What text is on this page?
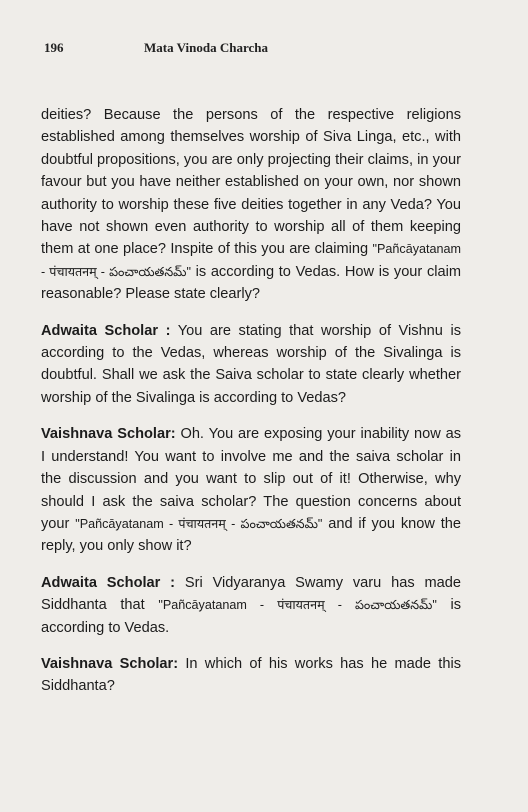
196	Mata Vinoda Charcha

deities? Because the persons of the respective religions established among themselves worship of Siva Linga, etc., with doubtful propositions, you are only projecting their claims, in your favour but you have neither established on your own, nor shown authority to worship these five deities together in any Veda? You have not shown even authority to worship all of them keeping them at one place? Inspite of this you are claiming "Pañcāyatanam - पंचायतनम् - పంచాయతనమ్" is according to Vedas. How is your claim reasonable? Please state clearly?

Adwaita Scholar : You are stating that worship of Vishnu is according to the Vedas, whereas worship of the Sivalinga is doubtful. Shall we ask the Saiva scholar to state clearly whether worship of the Sivalinga is according to Vedas?

Vaishnava Scholar: Oh. You are exposing your inability now as I understand! You want to involve me and the saiva scholar in the discussion and you want to slip out of it! Otherwise, why should I ask the saiva scholar? The question concerns about your "Pañcāyatanam - पंचायतनम् - పంచాయతనమ్" and if you know the reply, you only show it?

Adwaita Scholar : Sri Vidyaranya Swamy varu has made Siddhanta that "Pañcāyatanam - पंचायतनम् - పంచాయతనమ్" is according to Vedas.

Vaishnava Scholar: In which of his works has he made this Siddhanta?
